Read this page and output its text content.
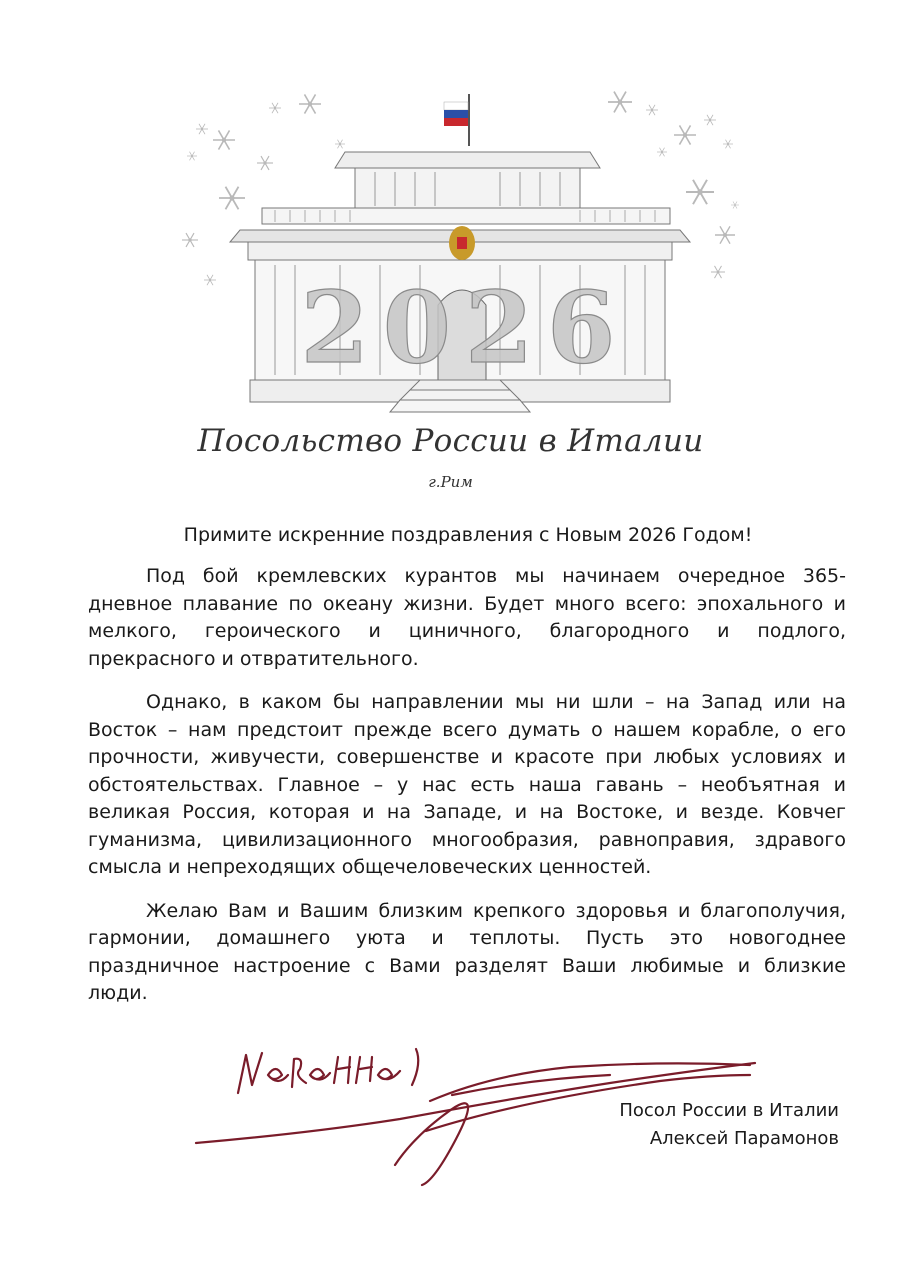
2026
Посольство России в Италии
г.Рим
Примите искренние поздравления с Новым 2026 Годом!

Под бой кремлевских курантов мы начинаем очередное 365-дневное плавание по океану жизни. Будет много всего: эпохального и мелкого, героического и циничного, благородного и подлого, прекрасного и отвратительного.

Однако, в каком бы направлении мы ни шли – на Запад или на Восток – нам предстоит прежде всего думать о нашем корабле, о его прочности, живучести, совершенстве и красоте при любых условиях и обстоятельствах. Главное – у нас есть наша гавань – необъятная и великая Россия, которая и на Западе, и на Востоке, и везде. Ковчег гуманизма, цивилизационного многообразия, равноправия, здравого смысла и непреходящих общечеловеческих ценностей.

Желаю Вам и Вашим близким крепкого здоровья и благополучия, гармонии, домашнего уюта и теплоты. Пусть это новогоднее праздничное настроение с Вами разделят Ваши любимые и близкие люди.

Посол России в Италии
Алексей Парамонов
